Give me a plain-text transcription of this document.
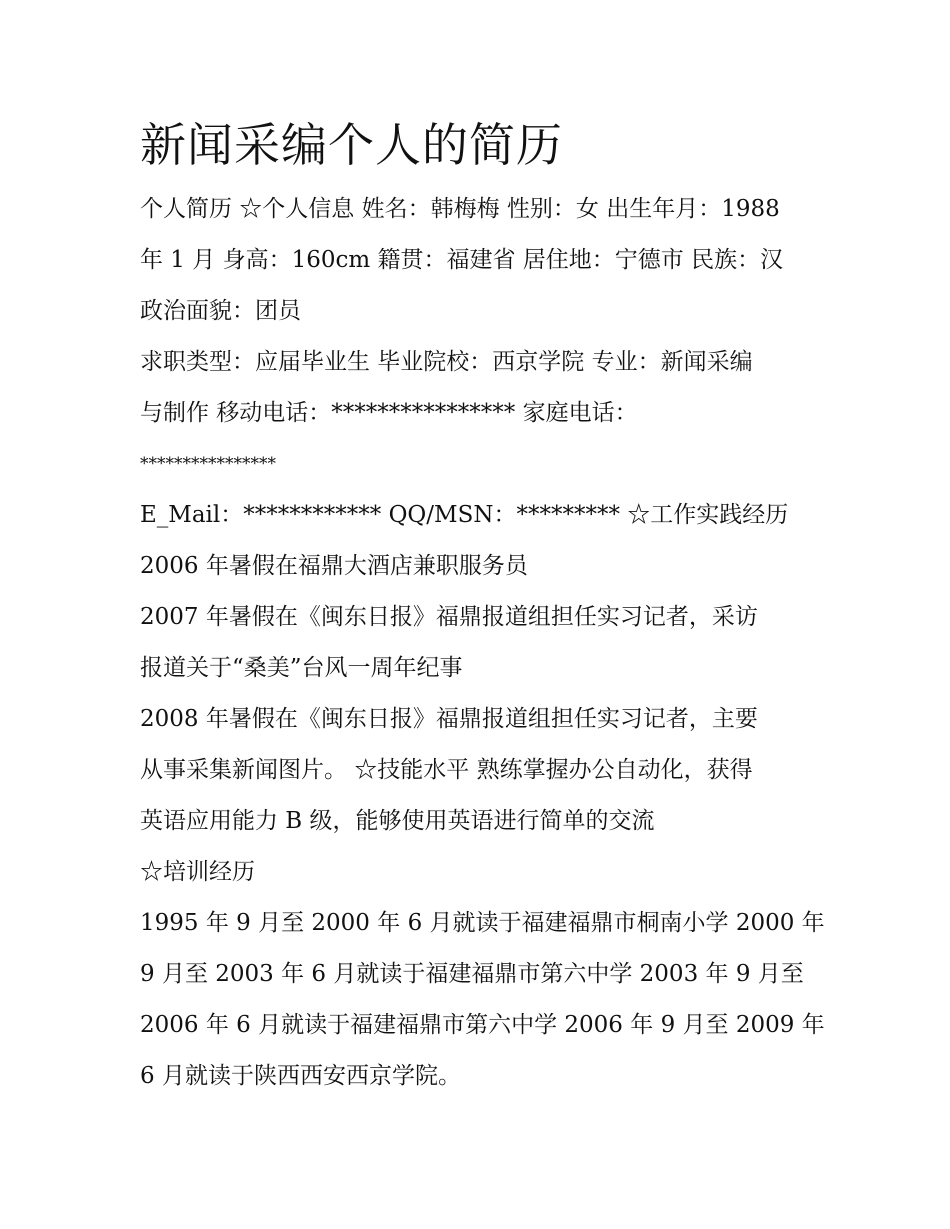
新闻采编个人的简历

个人简历 ☆个人信息 姓名：韩梅梅 性别：女 出生年月：1988

年 1 月 身高：160cm 籍贯：福建省 居住地：宁德市 民族：汉

政治面貌：团员

求职类型：应届毕业生 毕业院校：西京学院 专业：新闻采编

与制作 移动电话：**************** 家庭电话：

****************

E_Mail：************ QQ/MSN：********* ☆工作实践经历

2006 年暑假在福鼎大酒店兼职服务员

2007 年暑假在《闽东日报》福鼎报道组担任实习记者，采访

报道关于“桑美”台风一周年纪事

2008 年暑假在《闽东日报》福鼎报道组担任实习记者，主要

从事采集新闻图片。 ☆技能水平 熟练掌握办公自动化，获得

英语应用能力 B 级，能够使用英语进行简单的交流

☆培训经历

1995 年 9 月至 2000 年 6 月就读于福建福鼎市桐南小学 2000 年

9 月至 2003 年 6 月就读于福建福鼎市第六中学 2003 年 9 月至

2006 年 6 月就读于福建福鼎市第六中学 2006 年 9 月至 2009 年

6 月就读于陕西西安西京学院。
